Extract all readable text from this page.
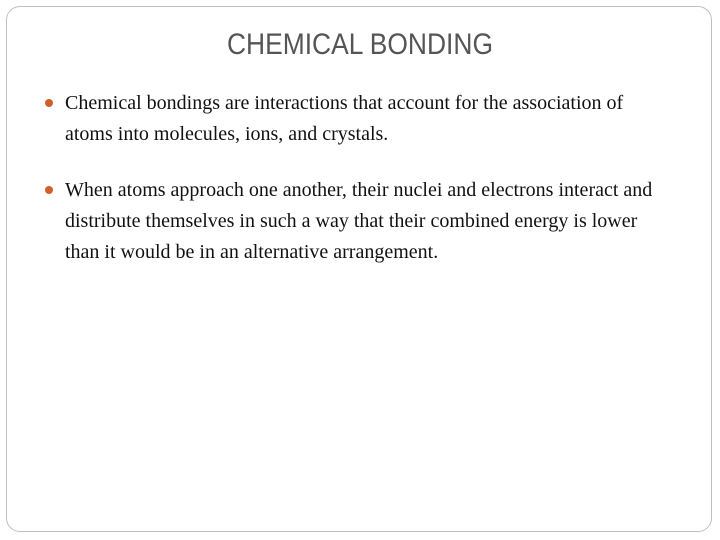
CHEMICAL BONDING
Chemical bondings are interactions that account for the association of atoms into molecules, ions, and crystals.
When atoms approach one another, their nuclei and electrons interact and distribute themselves in such a way that their combined energy is lower than it would be in an alternative arrangement.
